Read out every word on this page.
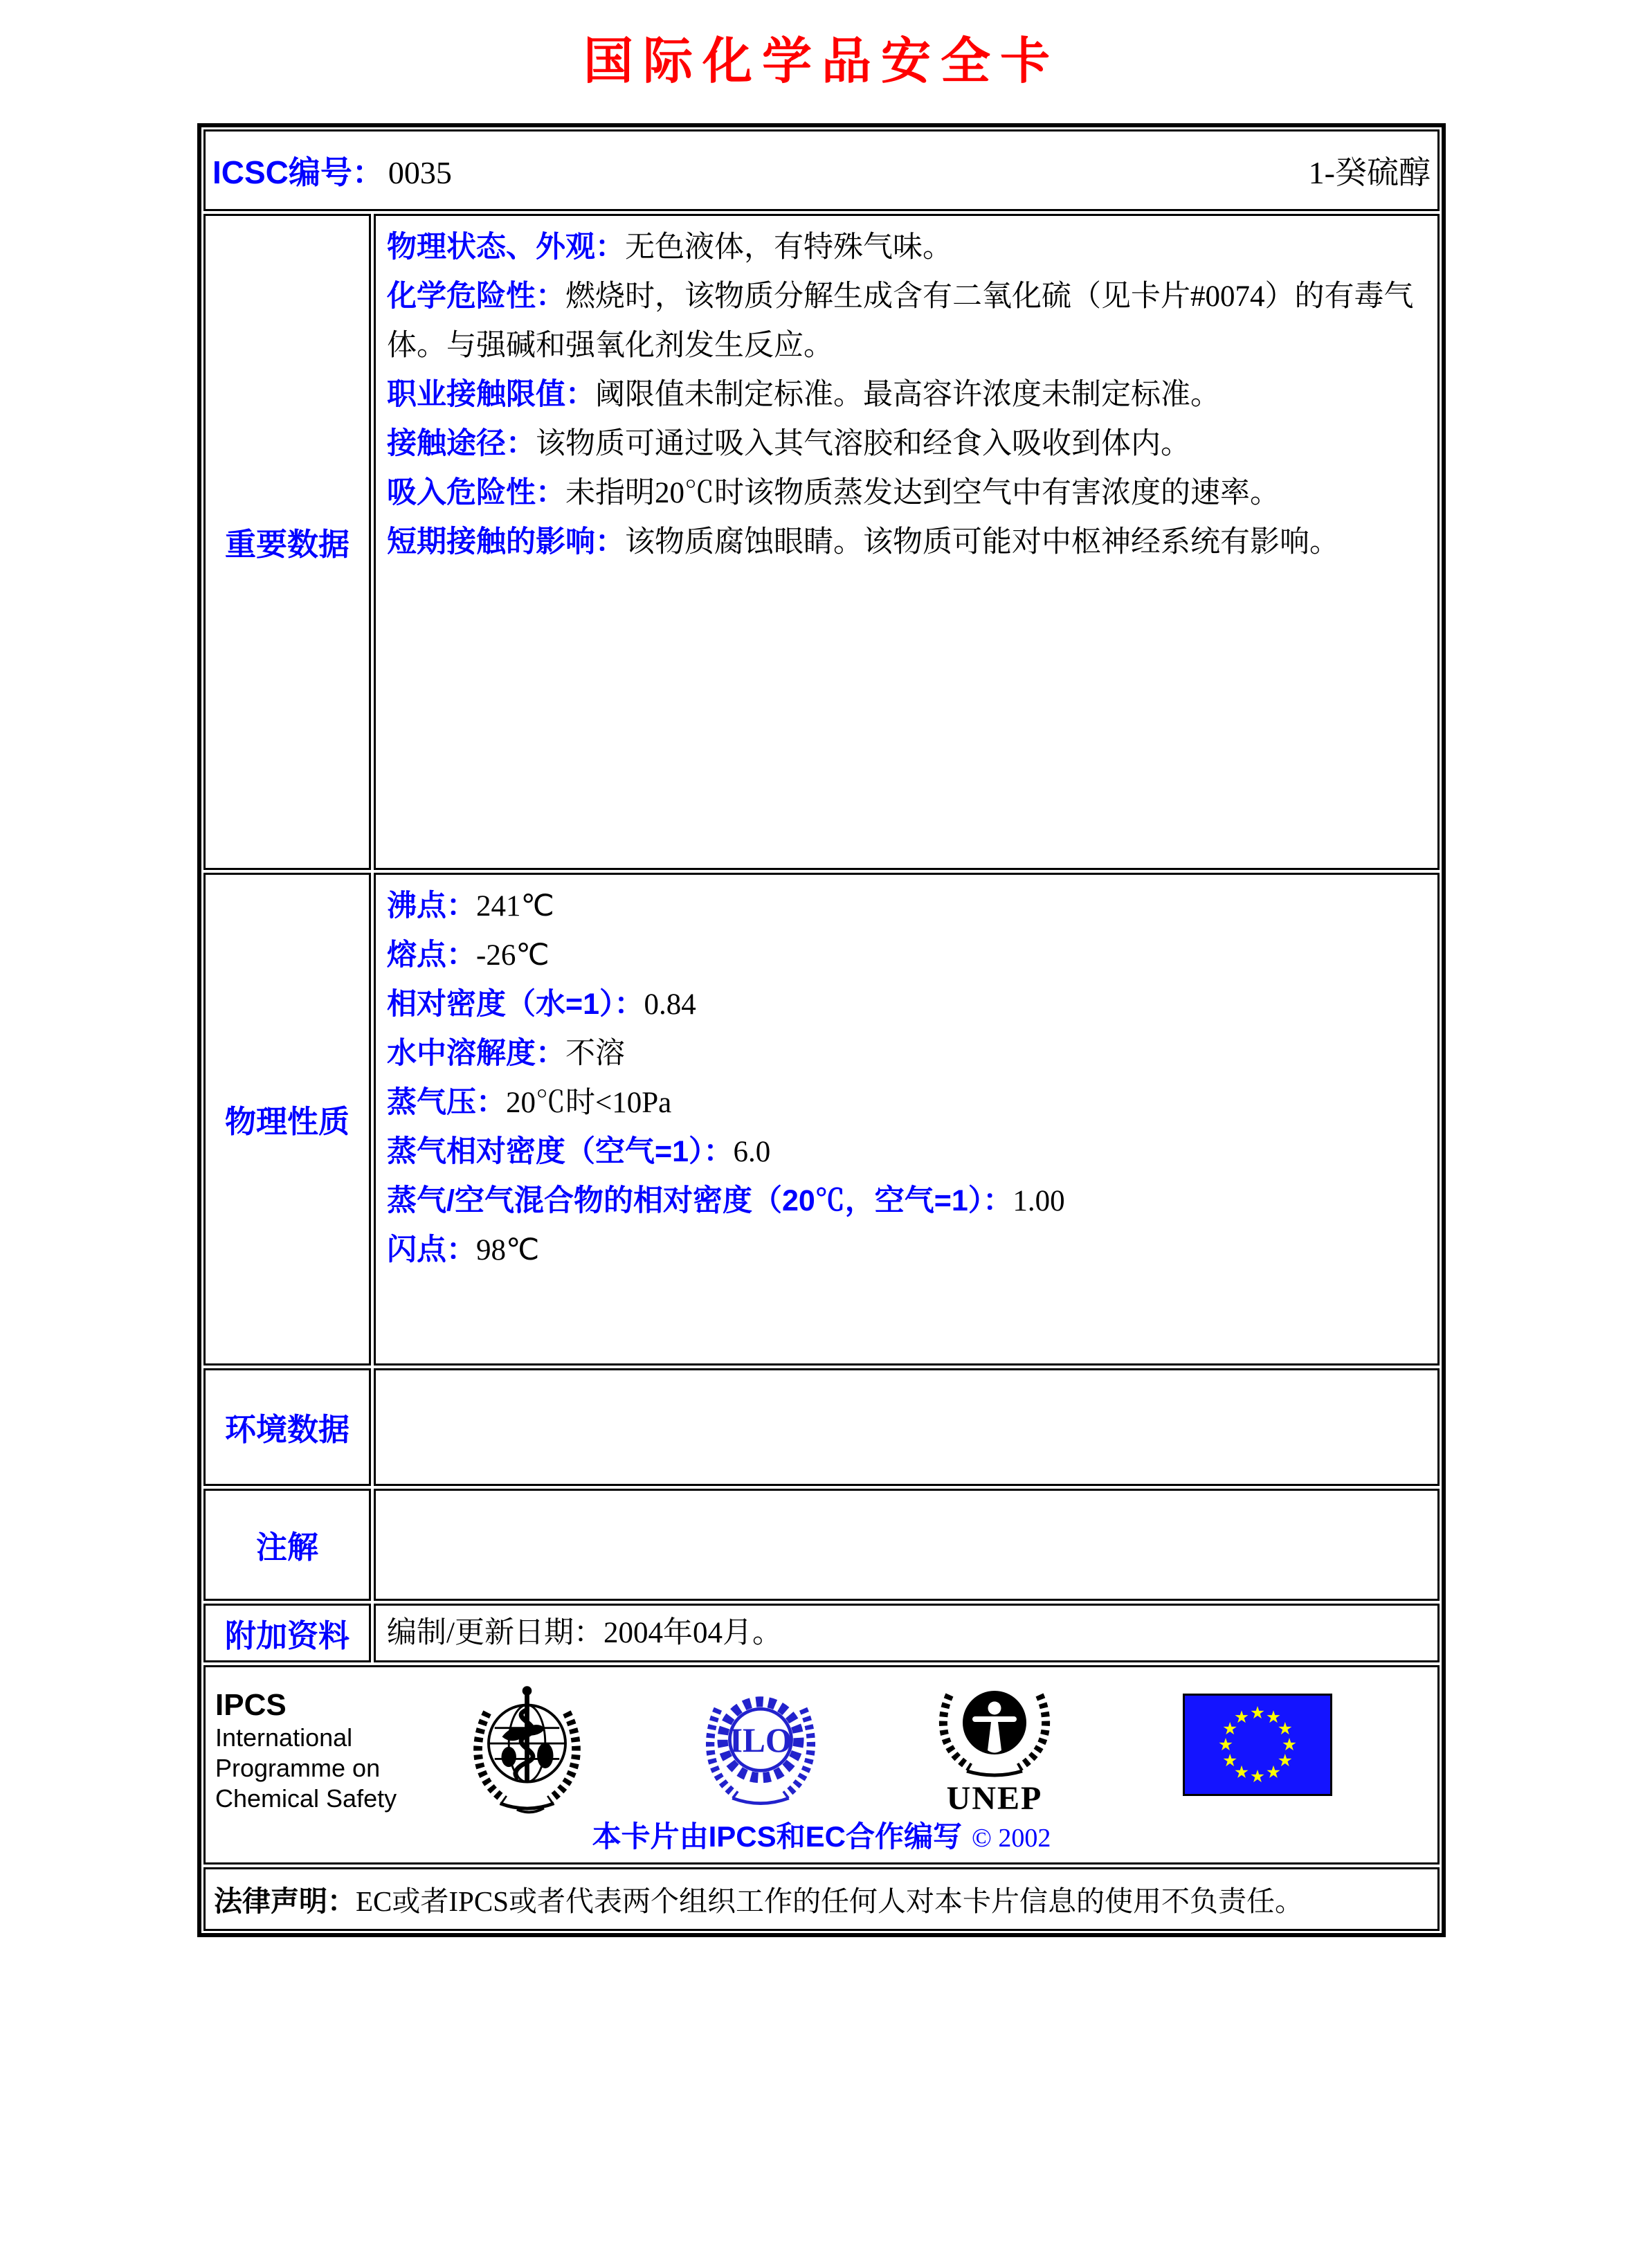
国际化学品安全卡
ICSC编号： 0035	1-癸硫醇
重要数据

物理状态、外观：无色液体，有特殊气味。

化学危险性：燃烧时，该物质分解生成含有二氧化硫（见卡片#0074）的有毒气体。与强碱和强氧化剂发生反应。

职业接触限值：阈限值未制定标准。最高容许浓度未制定标准。

接触途径：该物质可通过吸入其气溶胶和经食入吸收到体内。

吸入危险性：未指明20℃时该物质蒸发达到空气中有害浓度的速率。

短期接触的影响：该物质腐蚀眼睛。该物质可能对中枢神经系统有影响。

物理性质

沸点：241℃

熔点：-26℃

相对密度（水=1）：0.84

水中溶解度：不溶

蒸气压：20℃时<10Pa

蒸气相对密度（空气=1）：6.0

蒸气/空气混合物的相对密度（20℃，空气=1）：1.00

闪点：98℃

环境数据
注解
附加资料	编制/更新日期：2004年04月。

IPCS
International
Programme on
Chemical Safety
ILO
UNEP
本卡片由IPCS和EC合作编写 © 2002
法律声明： EC或者IPCS或者代表两个组织工作的任何人对本卡片信息的使用不负责任。
